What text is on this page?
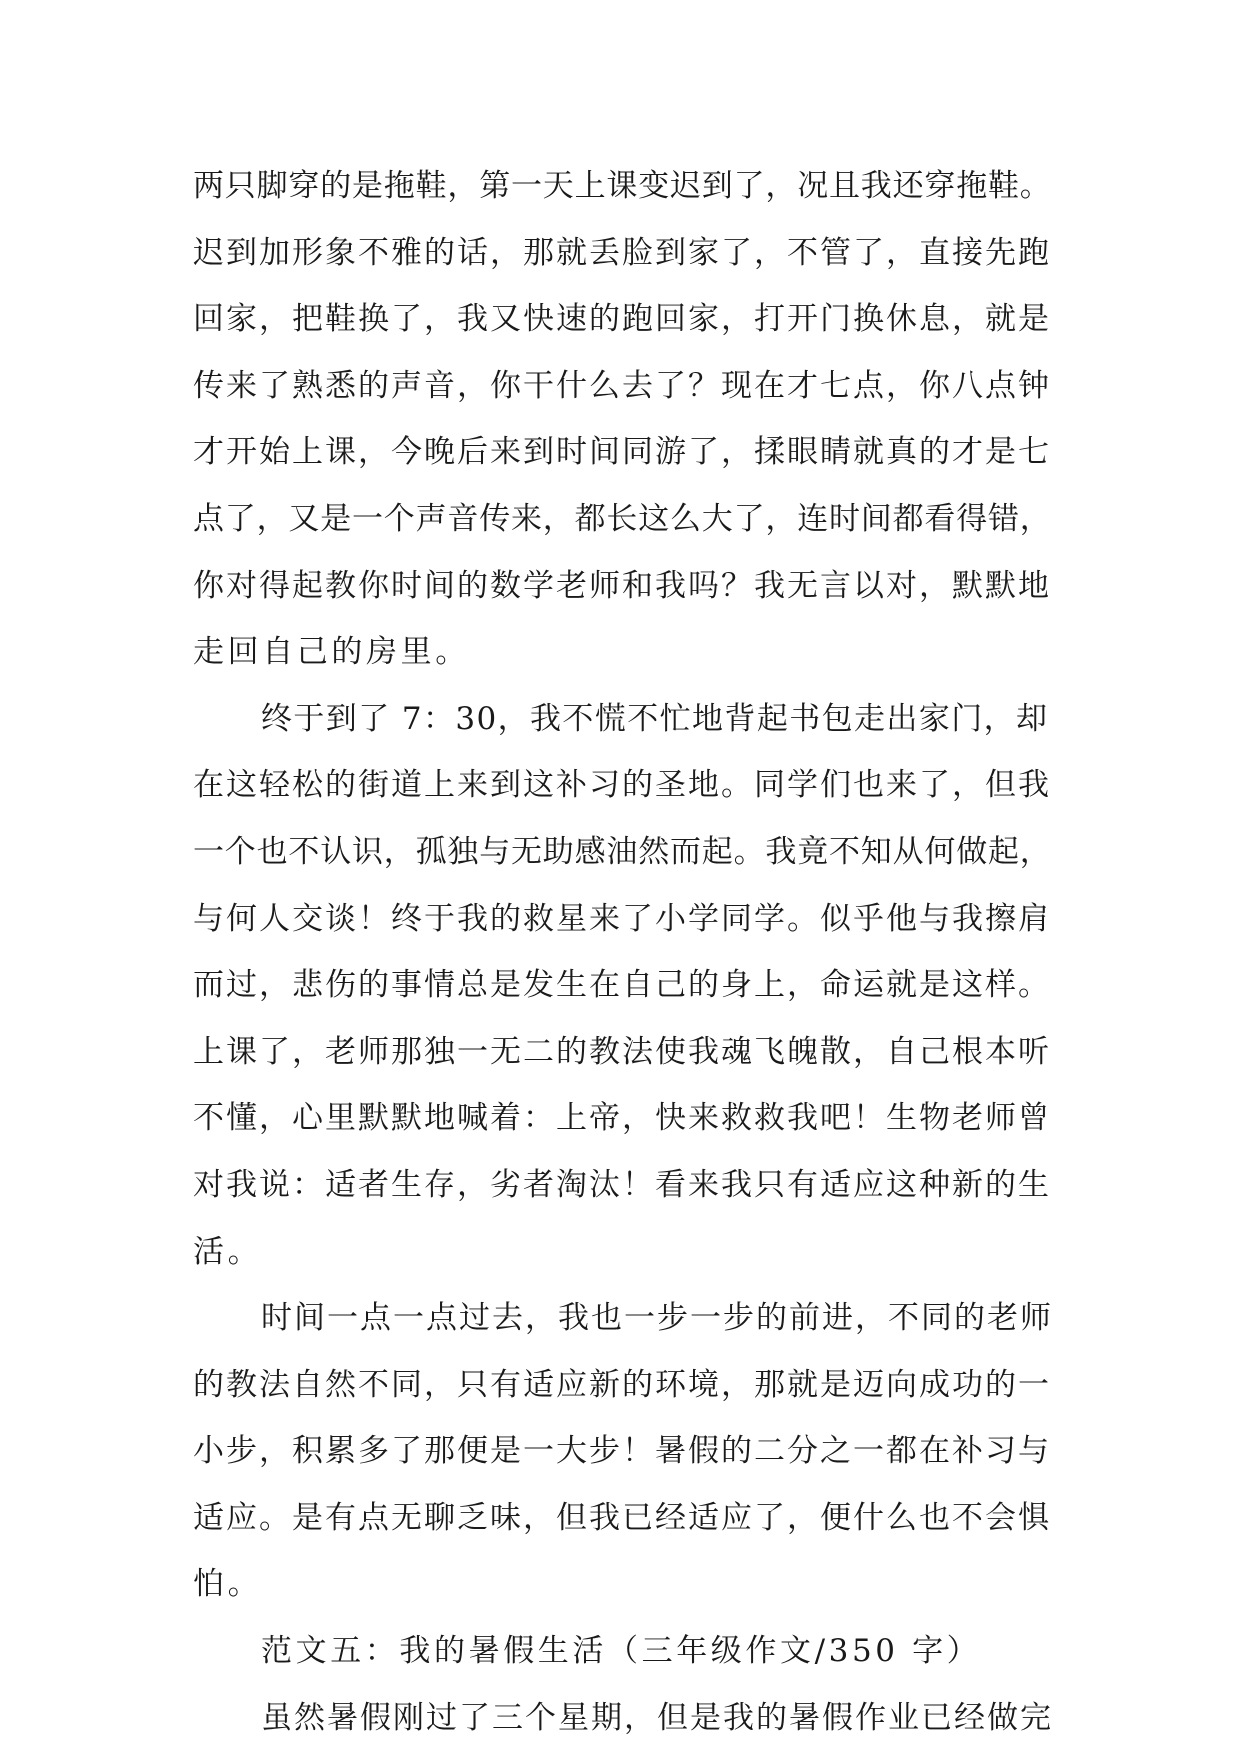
两只脚穿的是拖鞋，第一天上课变迟到了，况且我还穿拖鞋。
迟到加形象不雅的话，那就丢脸到家了，不管了，直接先跑
回家，把鞋换了，我又快速的跑回家，打开门换休息，就是
传来了熟悉的声音，你干什么去了？现在才七点，你八点钟
才开始上课，今晚后来到时间同游了，揉眼睛就真的才是七
点了，又是一个声音传来，都长这么大了，连时间都看得错，
你对得起教你时间的数学老师和我吗？我无言以对，默默地
走回自己的房里。
终于到了 7：30，我不慌不忙地背起书包走出家门，却
在这轻松的街道上来到这补习的圣地。同学们也来了，但我
一个也不认识，孤独与无助感油然而起。我竟不知从何做起，
与何人交谈！终于我的救星来了小学同学。似乎他与我擦肩
而过，悲伤的事情总是发生在自己的身上，命运就是这样。
上课了，老师那独一无二的教法使我魂飞魄散，自己根本听
不懂，心里默默地喊着：上帝，快来救救我吧！生物老师曾
对我说：适者生存，劣者淘汰！看来我只有适应这种新的生
活。
时间一点一点过去，我也一步一步的前进，不同的老师
的教法自然不同，只有适应新的环境，那就是迈向成功的一
小步，积累多了那便是一大步！暑假的二分之一都在补习与
适应。是有点无聊乏味，但我已经适应了，便什么也不会惧
怕。
范文五：我的暑假生活（三年级作文/350 字）
虽然暑假刚过了三个星期，但是我的暑假作业已经做完
